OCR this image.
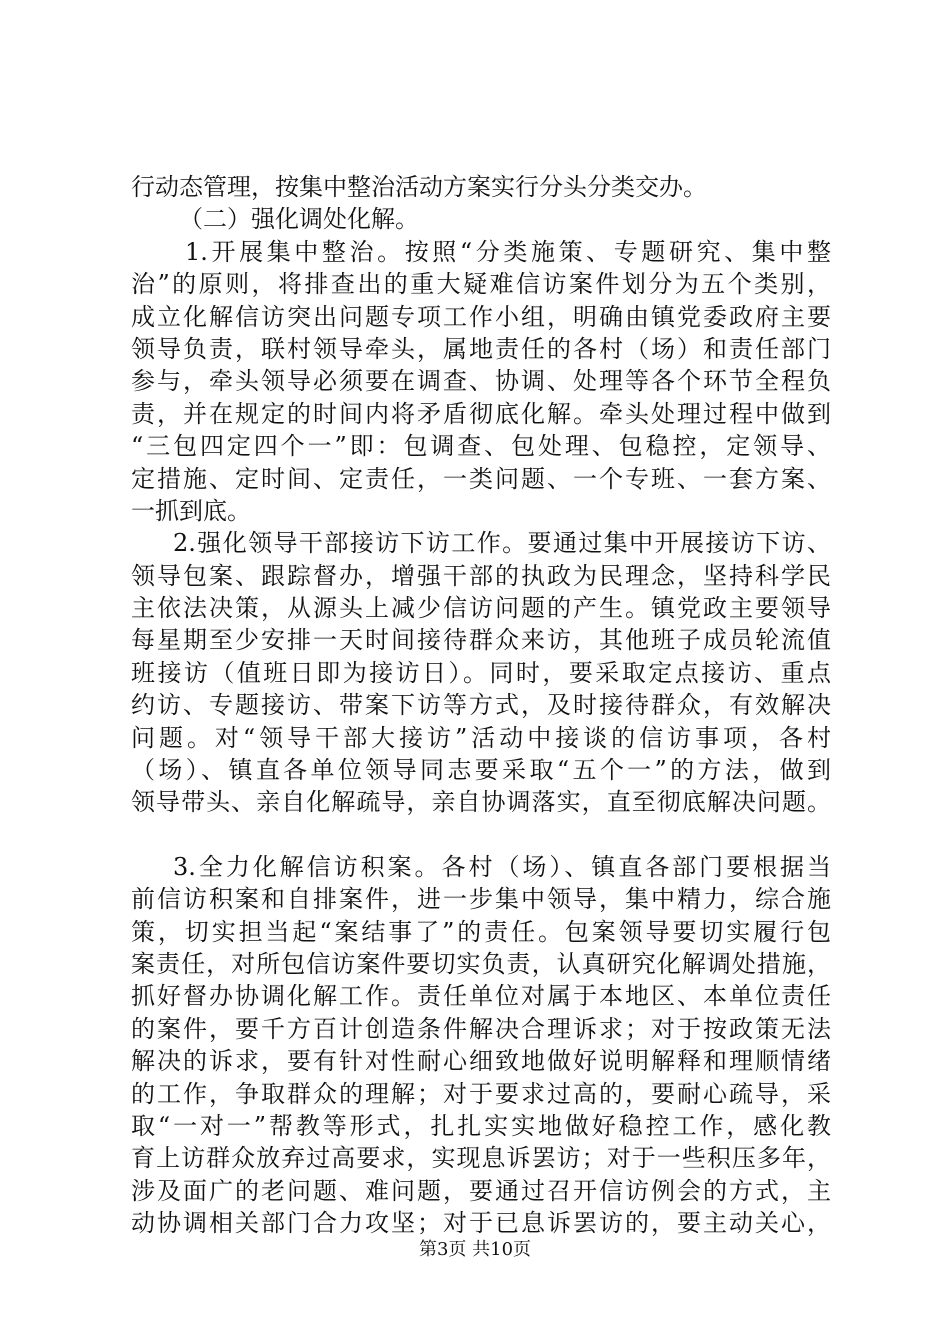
行动态管理，按集中整治活动方案实行分头分类交办。
（二）强化调处化解。
1.开展集中整治。按照“分类施策、专题研究、集中整
治”的原则，将排查出的重大疑难信访案件划分为五个类别，
成立化解信访突出问题专项工作小组，明确由镇党委政府主要
领导负责，联村领导牵头，属地责任的各村（场）和责任部门
参与，牵头领导必须要在调查、协调、处理等各个环节全程负
责，并在规定的时间内将矛盾彻底化解。牵头处理过程中做到
“三包四定四个一”即：包调查、包处理、包稳控，定领导、
定措施、定时间、定责任，一类问题、一个专班、一套方案、
一抓到底。
2.强化领导干部接访下访工作。要通过集中开展接访下访、
领导包案、跟踪督办，增强干部的执政为民理念，坚持科学民
主依法决策，从源头上减少信访问题的产生。镇党政主要领导
每星期至少安排一天时间接待群众来访，其他班子成员轮流值
班接访（值班日即为接访日）。同时，要采取定点接访、重点
约访、专题接访、带案下访等方式，及时接待群众，有效解决
问题。对“领导干部大接访”活动中接谈的信访事项，各村
（场）、镇直各单位领导同志要采取“五个一”的方法，做到
领导带头、亲自化解疏导，亲自协调落实，直至彻底解决问题。
3.全力化解信访积案。各村（场）、镇直各部门要根据当
前信访积案和自排案件，进一步集中领导，集中精力，综合施
策，切实担当起“案结事了”的责任。包案领导要切实履行包
案责任，对所包信访案件要切实负责，认真研究化解调处措施，
抓好督办协调化解工作。责任单位对属于本地区、本单位责任
的案件，要千方百计创造条件解决合理诉求；对于按政策无法
解决的诉求，要有针对性耐心细致地做好说明解释和理顺情绪
的工作，争取群众的理解；对于要求过高的，要耐心疏导，采
取“一对一”帮教等形式，扎扎实实地做好稳控工作，感化教
育上访群众放弃过高要求，实现息诉罢访；对于一些积压多年，
涉及面广的老问题、难问题，要通过召开信访例会的方式，主
动协调相关部门合力攻坚；对于已息诉罢访的，要主动关心，
第3页 共10页
